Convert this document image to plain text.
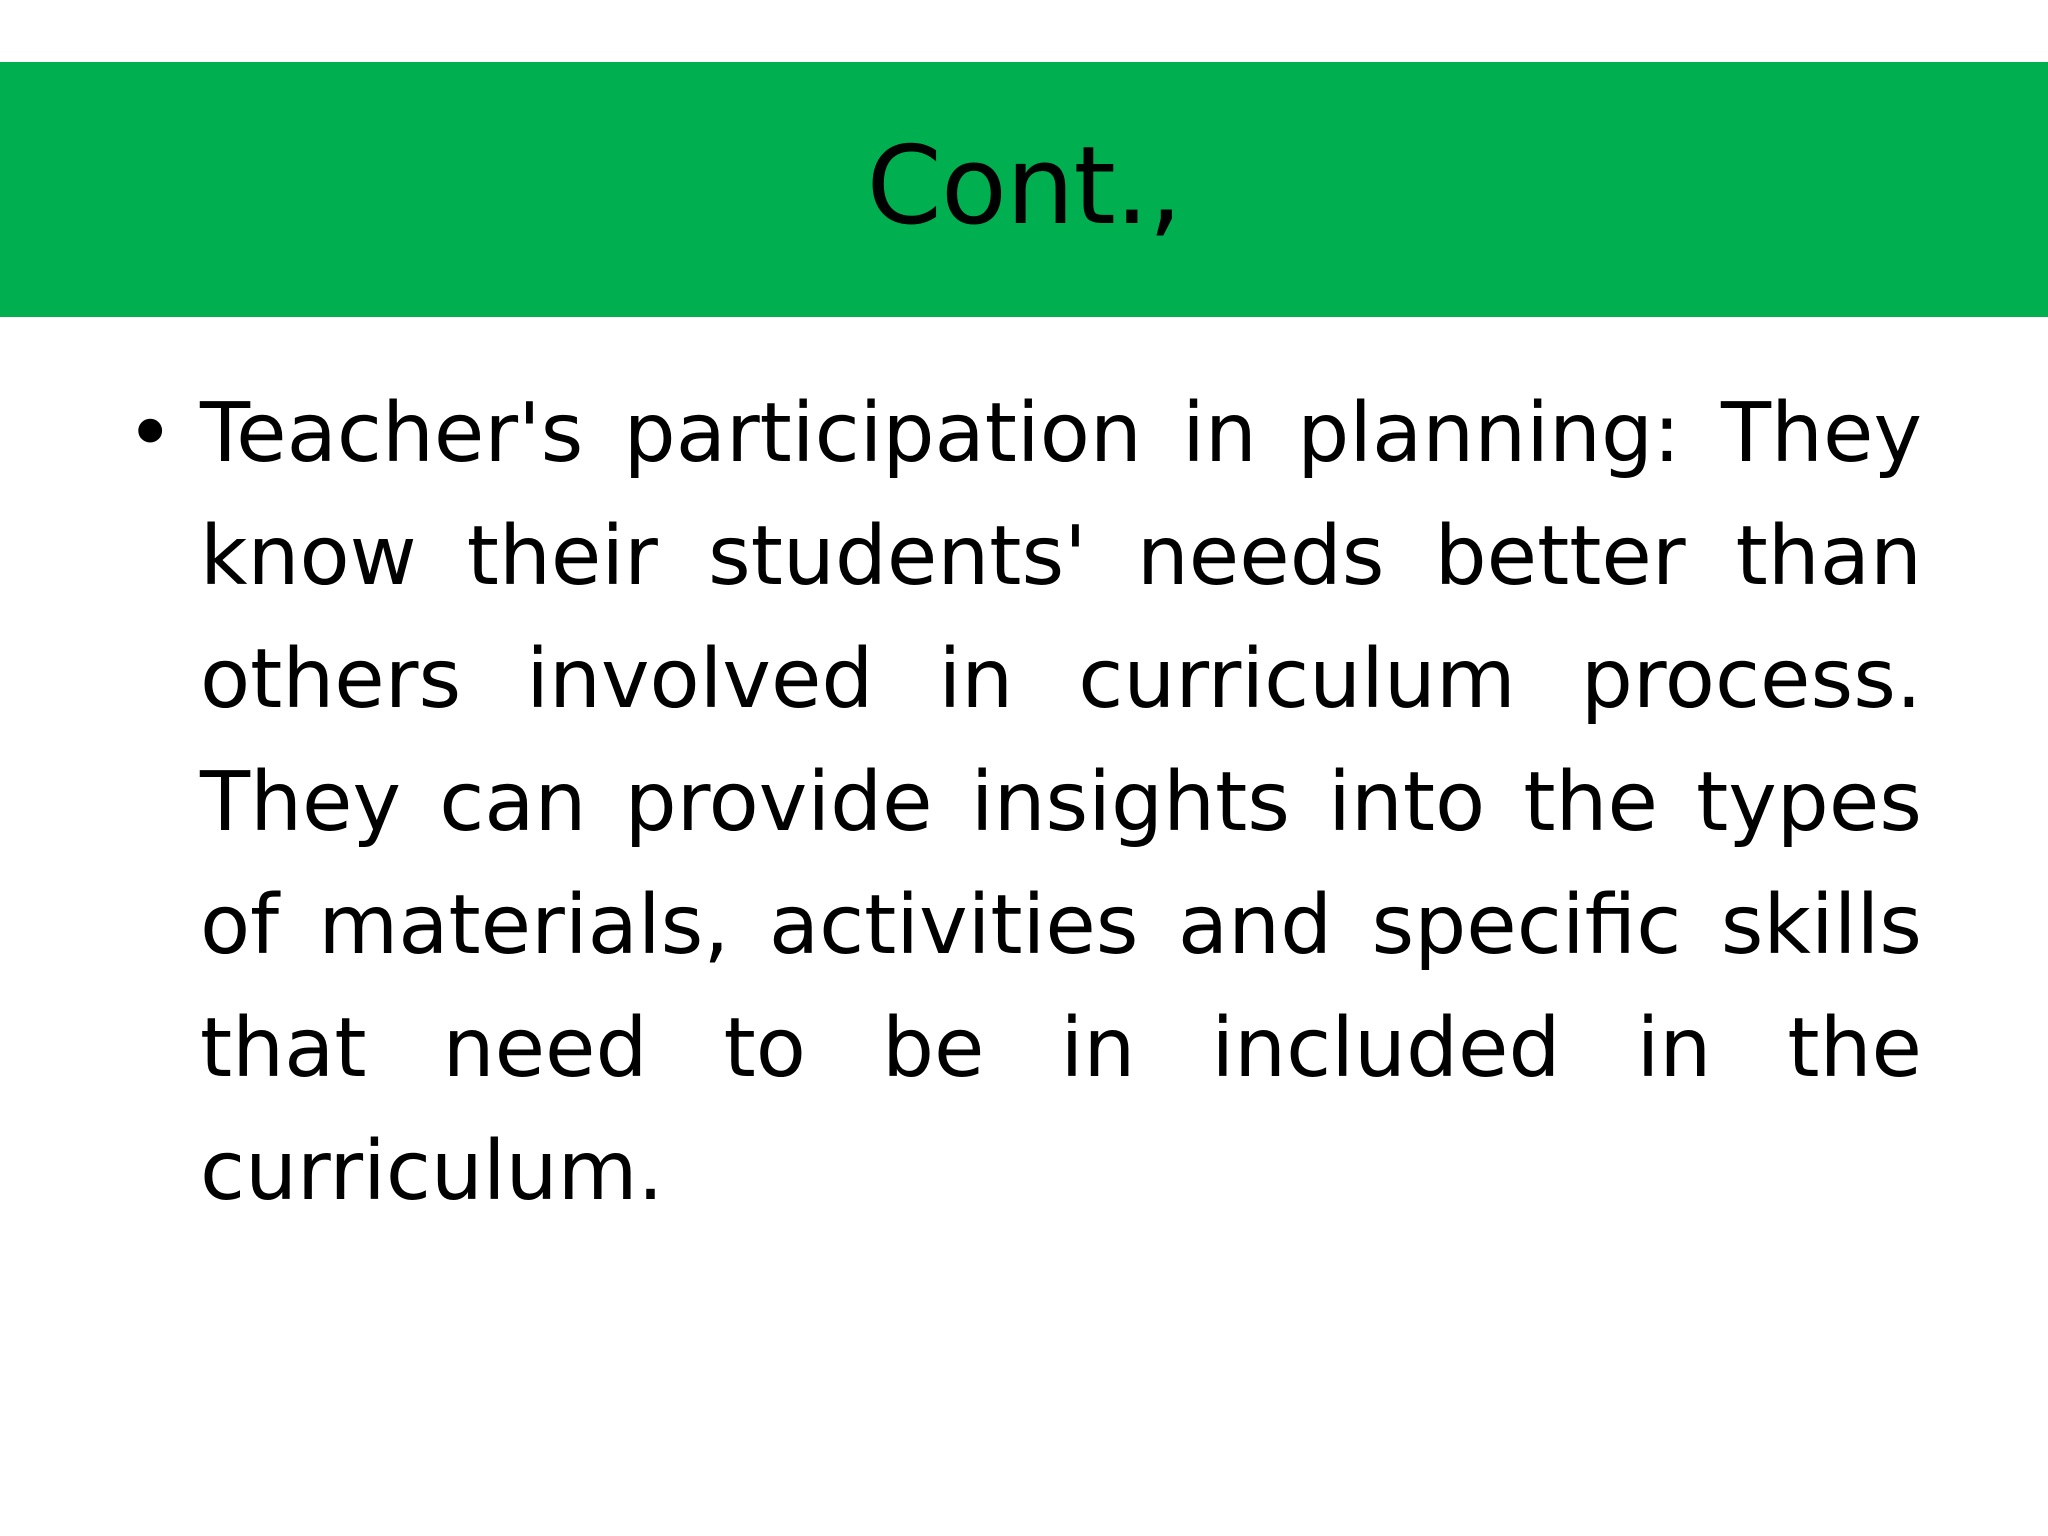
Cont.,
• Teacher's participation in planning: They know their students' needs better than others involved in curriculum process. They can provide insights into the types of materials, activities and specific skills that need to be in included in the curriculum.
